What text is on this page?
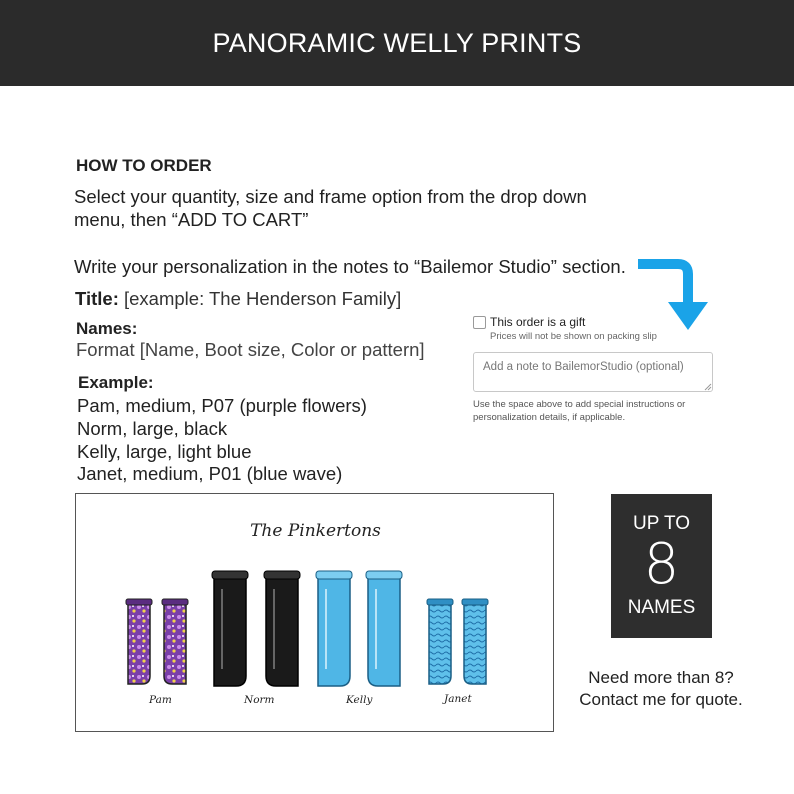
PANORAMIC WELLY PRINTS
HOW TO ORDER
Select your quantity, size and frame option from the drop down
menu, then “ADD TO CART”
Write your personalization in the notes to “Bailemor Studio” section.
Title: [example: The Henderson Family]
Names:
Format [Name, Boot size, Color or pattern]
Example:
Pam, medium, P07 (purple flowers)
Norm, large, black
Kelly, large, light blue
Janet, medium, P01 (blue wave)
This order is a gift
Prices will not be shown on packing slip
Add a note to BailemorStudio (optional)
Use the space above to add special instructions or personalization details, if applicable.
The Pinkertons
Pam	Norm	Kelly	Janet
UP TO
8
NAMES
Need more than 8?
Contact me for quote.
